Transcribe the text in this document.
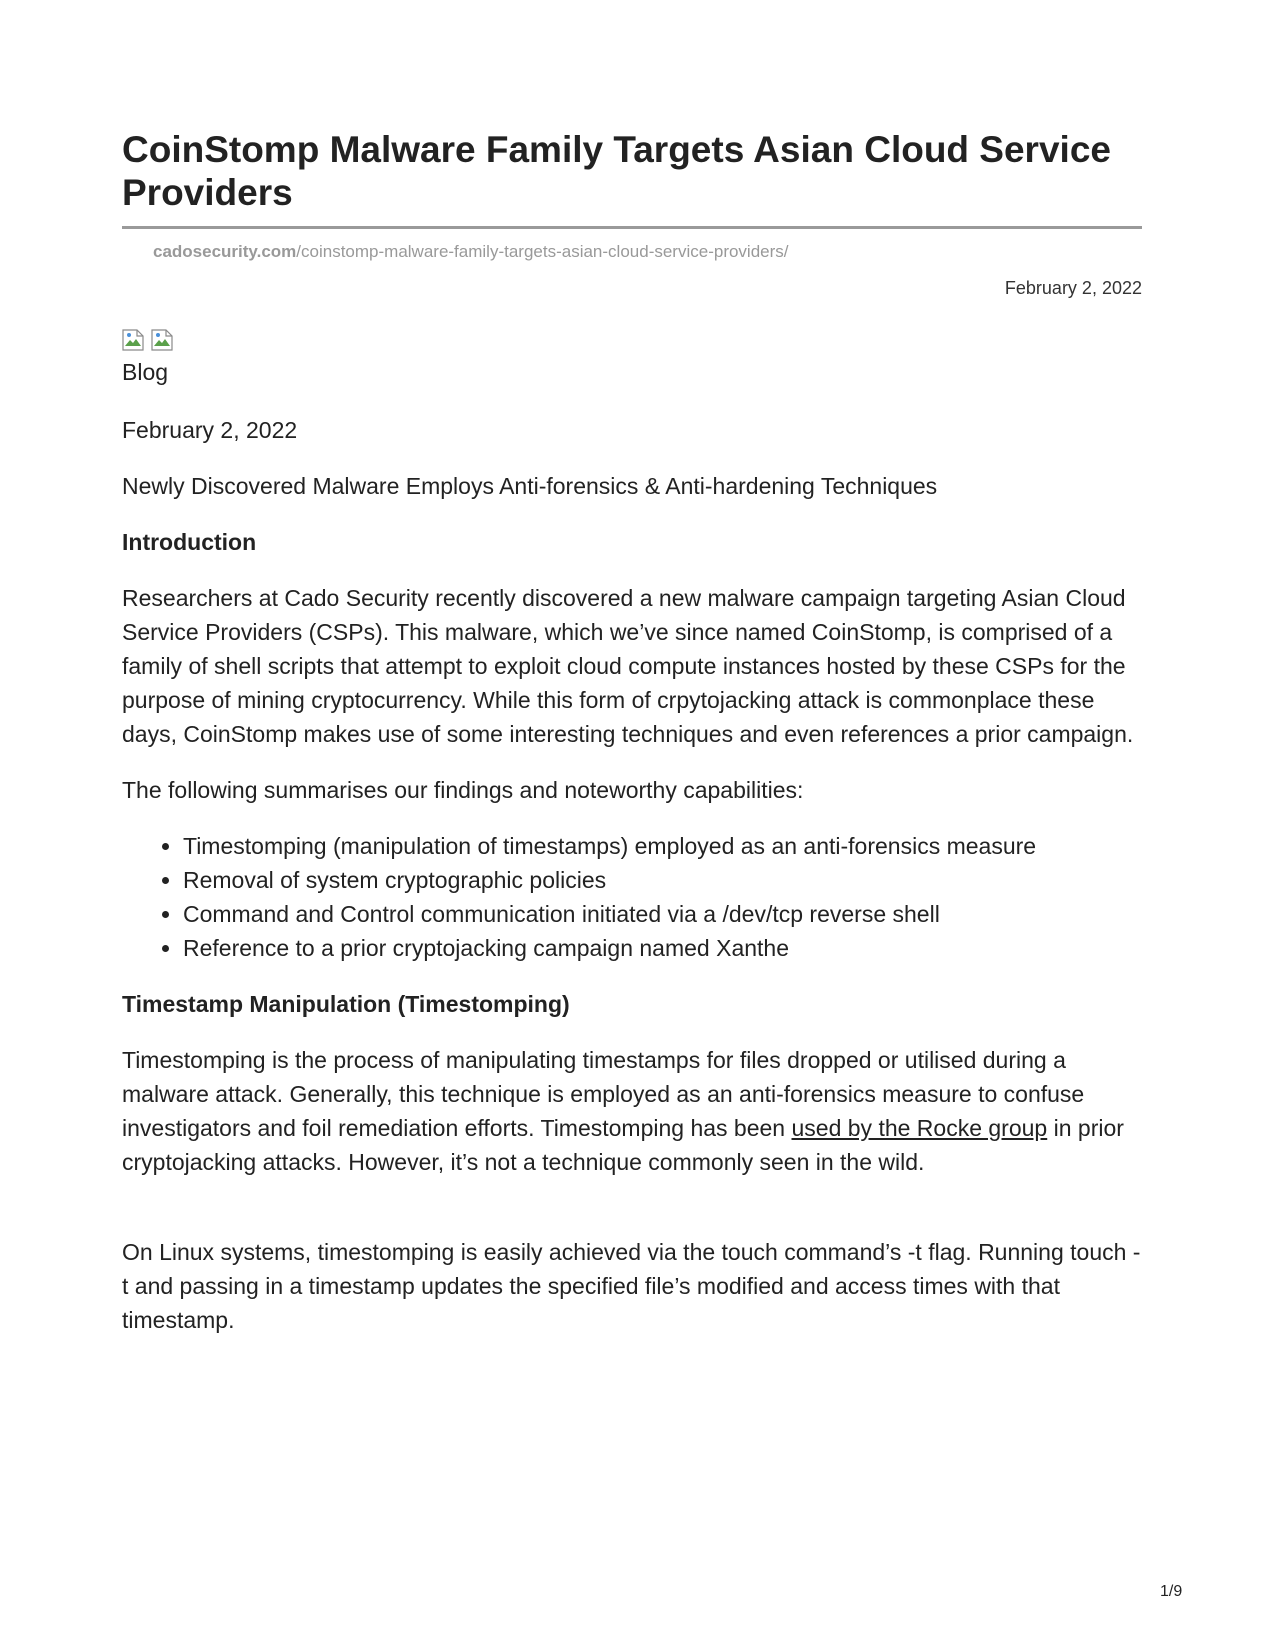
CoinStomp Malware Family Targets Asian Cloud Service Providers
cadosecurity.com/coinstomp-malware-family-targets-asian-cloud-service-providers/
February 2, 2022
Blog

February 2, 2022

Newly Discovered Malware Employs Anti-forensics & Anti-hardening Techniques

Introduction

Researchers at Cado Security recently discovered a new malware campaign targeting Asian Cloud Service Providers (CSPs). This malware, which we’ve since named CoinStomp, is comprised of a family of shell scripts that attempt to exploit cloud compute instances hosted by these CSPs for the purpose of mining cryptocurrency. While this form of crpytojacking attack is commonplace these days, CoinStomp makes use of some interesting techniques and even references a prior campaign.

The following summarises our findings and noteworthy capabilities:

• Timestomping (manipulation of timestamps) employed as an anti-forensics measure
• Removal of system cryptographic policies
• Command and Control communication initiated via a /dev/tcp reverse shell
• Reference to a prior cryptojacking campaign named Xanthe

Timestamp Manipulation (Timestomping)

Timestomping is the process of manipulating timestamps for files dropped or utilised during a malware attack. Generally, this technique is employed as an anti-forensics measure to confuse investigators and foil remediation efforts. Timestomping has been used by the Rocke group in prior cryptojacking attacks. However, it’s not a technique commonly seen in the wild.

On Linux systems, timestomping is easily achieved via the touch command’s -t flag. Running touch -t and passing in a timestamp updates the specified file’s modified and access times with that timestamp.

1/9
